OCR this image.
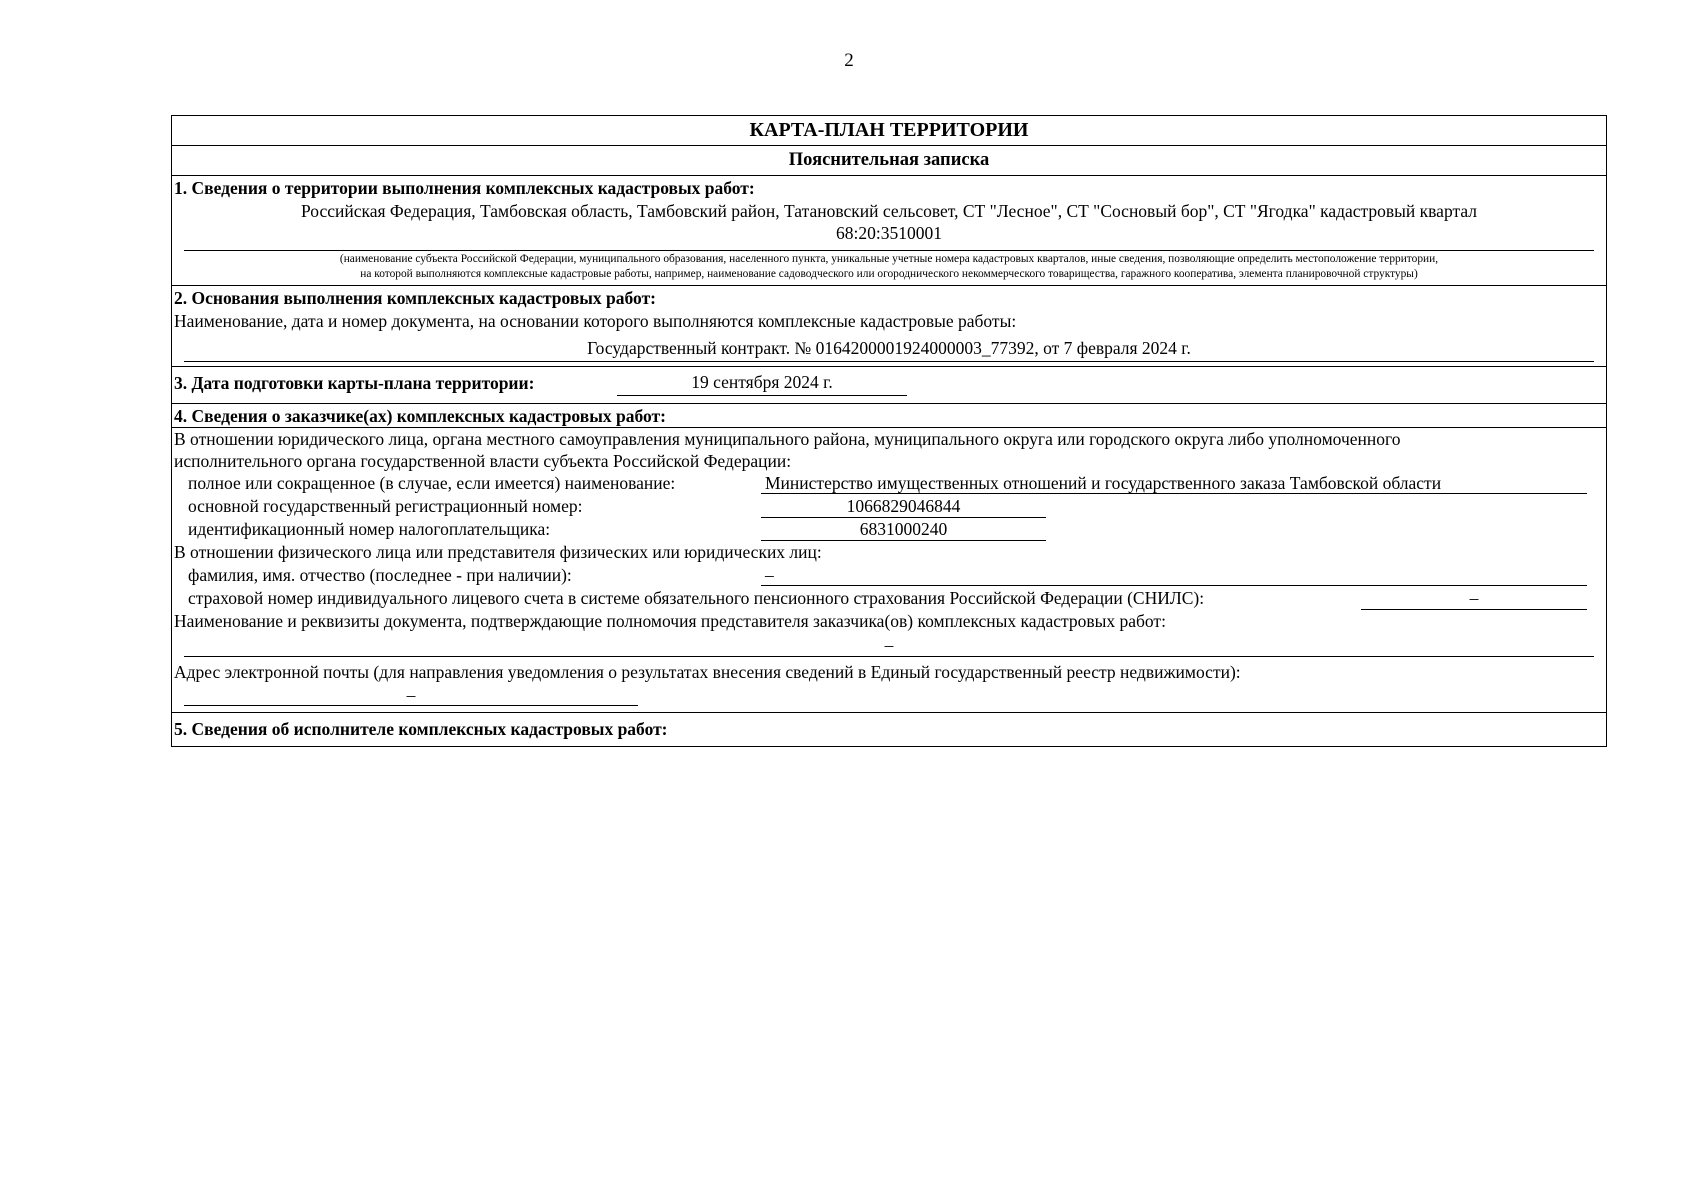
2
КАРТА-ПЛАН ТЕРРИТОРИИ
Пояснительная записка
1. Сведения о территории выполнения комплексных кадастровых работ:
Российская Федерация, Тамбовская область, Тамбовский район, Татановский сельсовет, СТ "Лесное", СТ "Сосновый бор", СТ "Ягодка" кадастровый квартал
68:20:3510001
(наименование субъекта Российской Федерации, муниципального образования, населенного пункта, уникальные учетные номера кадастровых кварталов, иные сведения, позволяющие определить местоположение территории,
на которой выполняются комплексные кадастровые работы, например, наименование садоводческого или огороднического некоммерческого товарищества, гаражного кооператива, элемента планировочной структуры)
2. Основания выполнения комплексных кадастровых работ:
Наименование, дата и номер документа, на основании которого выполняются комплексные кадастровые работы:
Государственный контракт. № 0164200001924000003_77392, от 7 февраля 2024 г.
3. Дата подготовки карты-плана территории:	19 сентября 2024 г.
4. Сведения о заказчике(ах) комплексных кадастровых работ:
В отношении юридического лица, органа местного самоуправления муниципального района, муниципального округа или городского округа либо уполномоченного
исполнительного органа государственной власти субъекта Российской Федерации:
полное или сокращенное (в случае, если имеется) наименование:	Министерство имущественных отношений и государственного заказа Тамбовской области
основной государственный регистрационный номер:	1066829046844
идентификационный номер налогоплательщика:	6831000240
В отношении физического лица или представителя физических или юридических лиц:
фамилия, имя. отчество (последнее - при наличии):	–
страховой номер индивидуального лицевого счета в системе обязательного пенсионного страхования Российской Федерации (СНИЛС):	–
Наименование и реквизиты документа, подтверждающие полномочия представителя заказчика(ов) комплексных кадастровых работ:
–
Адрес электронной почты (для направления уведомления о результатах внесения сведений в Единый государственный реестр недвижимости):
–
5. Сведения об исполнителе комплексных кадастровых работ:
